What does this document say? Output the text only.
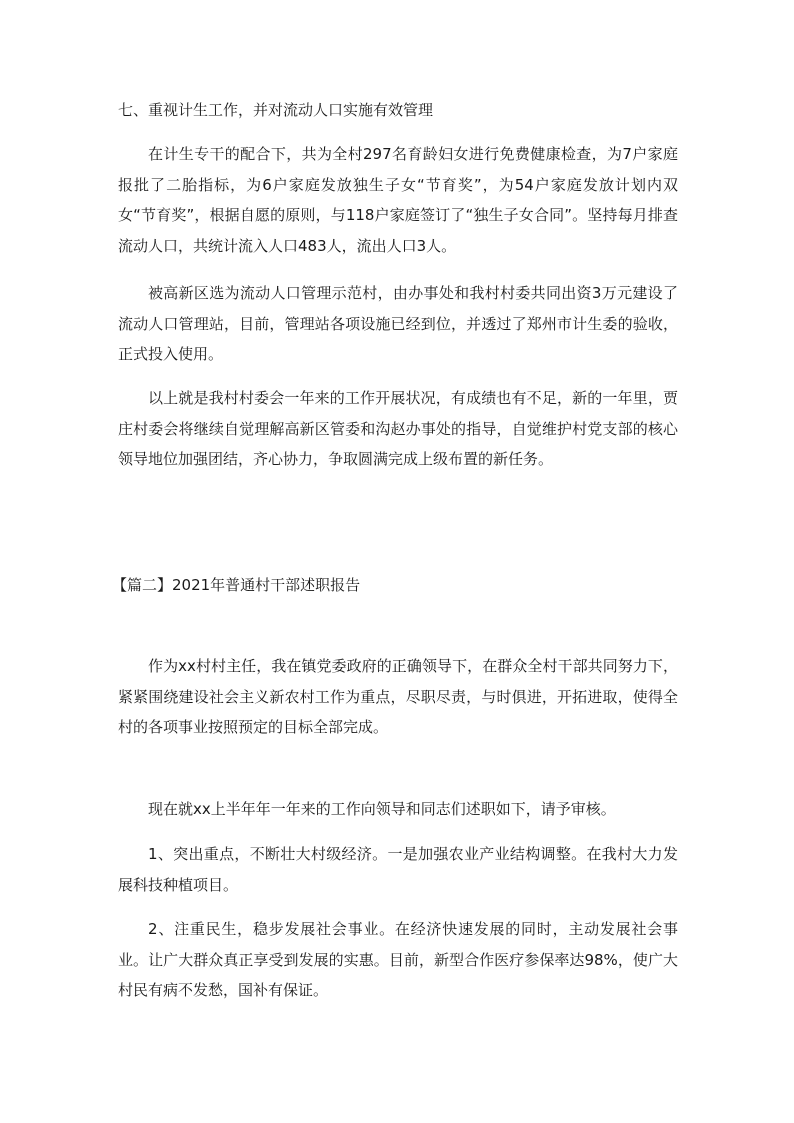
七、重视计生工作，并对流动人口实施有效管理

在计生专干的配合下，共为全村297名育龄妇女进行免费健康检查，为7户家庭报批了二胎指标，为6户家庭发放独生子女“节育奖”，为54户家庭发放计划内双女“节育奖”，根据自愿的原则，与118户家庭签订了“独生子女合同”。坚持每月排查流动人口，共统计流入人口483人，流出人口3人。

被高新区选为流动人口管理示范村，由办事处和我村村委共同出资3万元建设了流动人口管理站，目前，管理站各项设施已经到位，并透过了郑州市计生委的验收，正式投入使用。

以上就是我村村委会一年来的工作开展状况，有成绩也有不足，新的一年里，贾庄村委会将继续自觉理解高新区管委和沟赵办事处的指导，自觉维护村党支部的核心领导地位加强团结，齐心协力，争取圆满完成上级布置的新任务。

【篇二】2021年普通村干部述职报告

作为xx村村主任，我在镇党委政府的正确领导下，在群众全村干部共同努力下，紧紧围绕建设社会主义新农村工作为重点，尽职尽责，与时俱进，开拓进取，使得全村的各项事业按照预定的目标全部完成。

现在就xx上半年年一年来的工作向领导和同志们述职如下，请予审核。

1、突出重点，不断壮大村级经济。一是加强农业产业结构调整。在我村大力发展科技种植项目。

2、注重民生，稳步发展社会事业。在经济快速发展的同时，主动发展社会事业。让广大群众真正享受到发展的实惠。目前，新型合作医疗参保率达98%，使广大村民有病不发愁，国补有保证。
